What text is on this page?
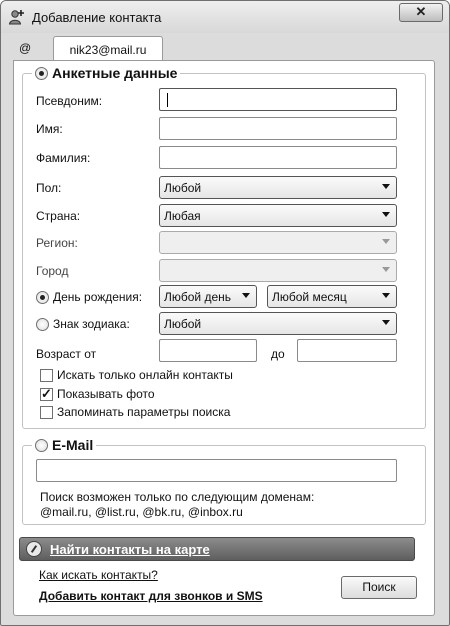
Добавление контакта	✕
@	nik23@mail.ru
Анкетные данные
Псевдоним:
Имя:
Фамилия:
Пол:	Любой
Страна:	Любая
Регион:
Город
День рождения: Любой день	Любой месяц
Знак зодиака:	Любой
Возраст от	до
Искать только онлайн контакты
✓
Показывать фото
Запоминать параметры поиска
E-Mail
Поиск возможен только по следующим доменам:
@mail.ru, @list.ru, @bk.ru, @inbox.ru
Найти контакты на карте
Как искать контакты?
Добавить контакт для звонков и SMS
Поиск
